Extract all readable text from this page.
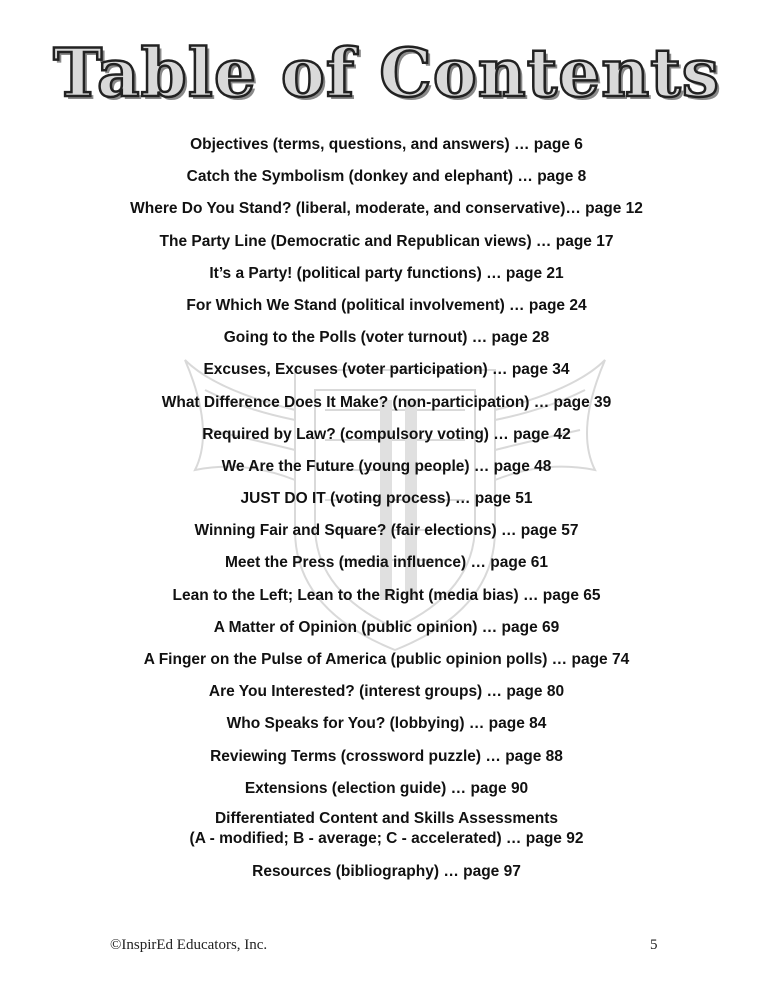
Table of Contents
Objectives (terms, questions, and answers) … page 6
Catch the Symbolism (donkey and elephant) … page 8
Where Do You Stand? (liberal, moderate, and conservative)… page 12
The Party Line (Democratic and Republican views) … page 17
It’s a Party! (political party functions) … page 21
For Which We Stand (political involvement) … page 24
Going to the Polls (voter turnout) … page 28
Excuses, Excuses (voter participation) … page 34
What Difference Does It Make? (non-participation) … page 39
Required by Law? (compulsory voting) … page 42
We Are the Future (young people) … page 48
JUST DO IT (voting process) … page 51
Winning Fair and Square? (fair elections) … page 57
Meet the Press (media influence) … page 61
Lean to the Left; Lean to the Right (media bias) … page 65
A Matter of Opinion (public opinion) … page 69
A Finger on the Pulse of America (public opinion polls) … page 74
Are You Interested? (interest groups) … page 80
Who Speaks for You? (lobbying) … page 84
Reviewing Terms (crossword puzzle) … page 88
Extensions (election guide) … page 90
Differentiated Content and Skills Assessments
(A - modified; B - average; C - accelerated) … page 92
Resources (bibliography) … page 97
©InspirEd Educators, Inc.	5
